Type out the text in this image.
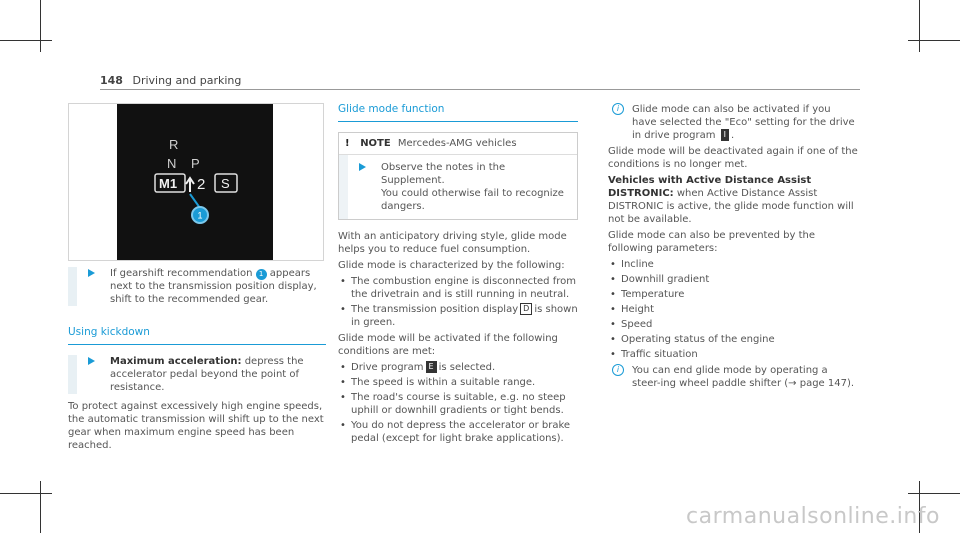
148 Driving and parking
R
N P
M1 2 S
1
If gearshift recommendation 1 appears next to the transmission position display, shift to the recommended gear.
Using kickdown
Maximum acceleration: depress the accelerator pedal beyond the point of resistance.

To protect against excessively high engine speeds, the automatic transmission will shift up to the next gear when maximum engine speed has been reached.

Glide mode function
! NOTE Mercedes-AMG vehicles
Observe the notes in the Supplement.
You could otherwise fail to recognize dangers.

With an anticipatory driving style, glide mode helps you to reduce fuel consumption.

Glide mode is characterized by the following:

• The combustion engine is disconnected from the drivetrain and is still running in neutral.
• The transmission position display D is shown in green.

Glide mode will be activated if the following conditions are met:

• Drive program E is selected.
• The speed is within a suitable range.
• The road's course is suitable, e.g. no steep uphill or downhill gradients or tight bends.
• You do not depress the accelerator or brake pedal (except for light brake applications).
i	Glide mode can also be activated if you have selected the "Eco" setting for the drive in drive program I .

Glide mode will be deactivated again if one of the conditions is no longer met.

Vehicles with Active Distance Assist DISTRONIC: when Active Distance Assist DISTRONIC is active, the glide mode function will not be available.

Glide mode can also be prevented by the following parameters:

• Incline
• Downhill gradient
• Temperature
• Height
• Speed
• Operating status of the engine
• Traffic situation
i	You can end glide mode by operating a steer-ing wheel paddle shifter (→ page 147).
carmanualsonline.info
